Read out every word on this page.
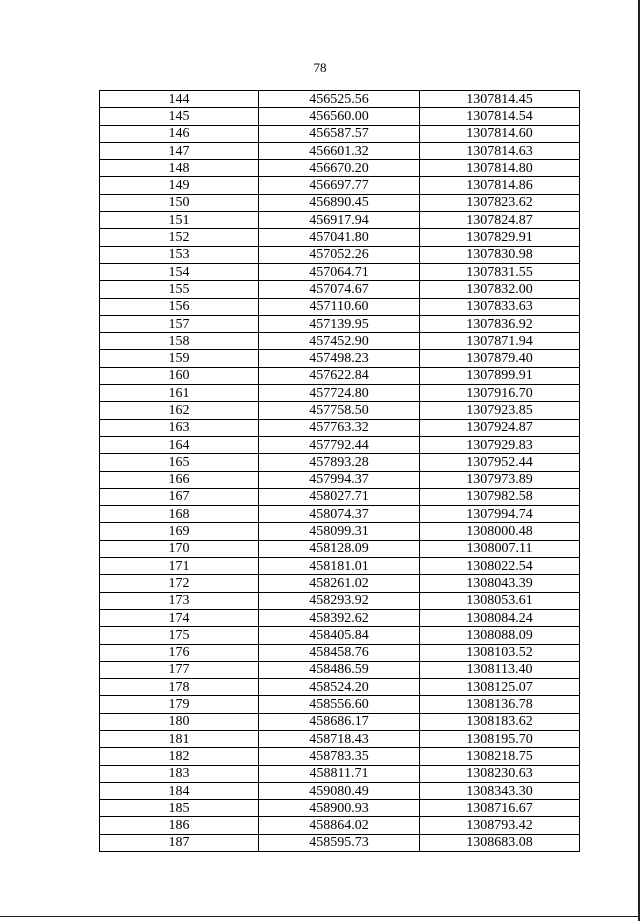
78
144	456525.56	1307814.45
145	456560.00	1307814.54
146	456587.57	1307814.60
147	456601.32	1307814.63
148	456670.20	1307814.80
149	456697.77	1307814.86
150	456890.45	1307823.62
151	456917.94	1307824.87
152	457041.80	1307829.91
153	457052.26	1307830.98
154	457064.71	1307831.55
155	457074.67	1307832.00
156	457110.60	1307833.63
157	457139.95	1307836.92
158	457452.90	1307871.94
159	457498.23	1307879.40
160	457622.84	1307899.91
161	457724.80	1307916.70
162	457758.50	1307923.85
163	457763.32	1307924.87
164	457792.44	1307929.83
165	457893.28	1307952.44
166	457994.37	1307973.89
167	458027.71	1307982.58
168	458074.37	1307994.74
169	458099.31	1308000.48
170	458128.09	1308007.11
171	458181.01	1308022.54
172	458261.02	1308043.39
173	458293.92	1308053.61
174	458392.62	1308084.24
175	458405.84	1308088.09
176	458458.76	1308103.52
177	458486.59	1308113.40
178	458524.20	1308125.07
179	458556.60	1308136.78
180	458686.17	1308183.62
181	458718.43	1308195.70
182	458783.35	1308218.75
183	458811.71	1308230.63
184	459080.49	1308343.30
185	458900.93	1308716.67
186	458864.02	1308793.42
187	458595.73	1308683.08
